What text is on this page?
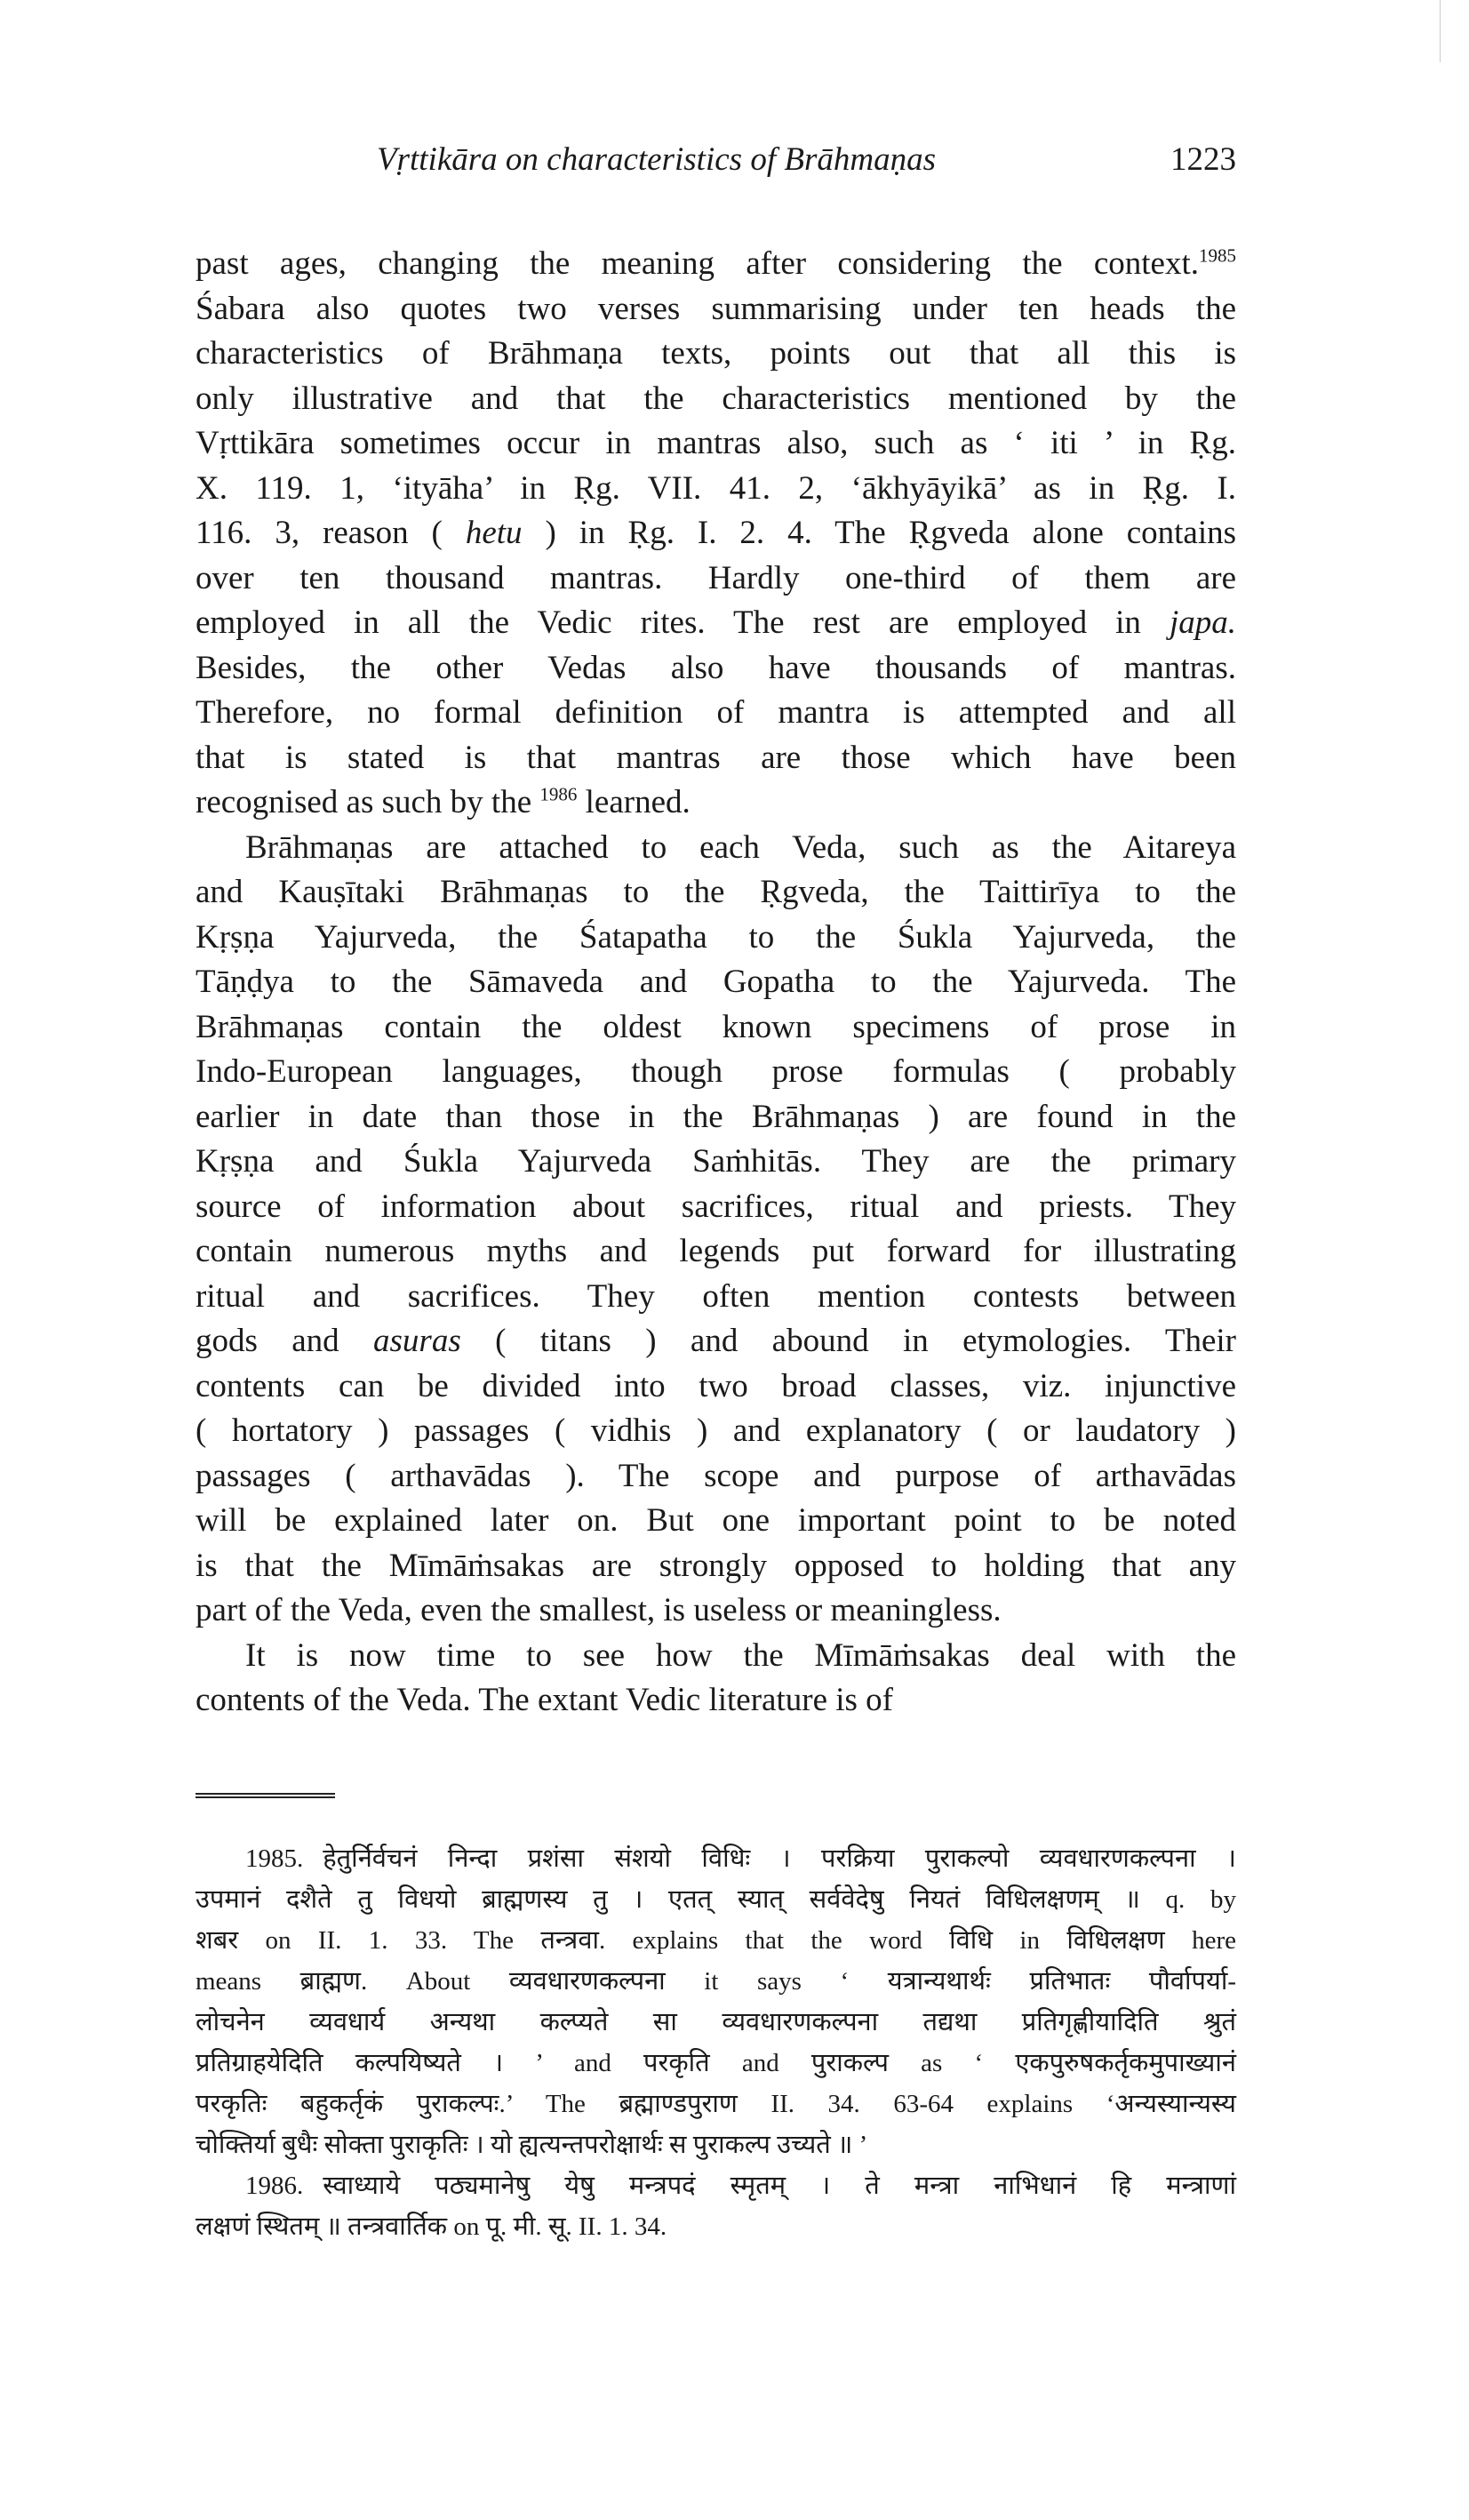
Vṛttikāra on characteristics of Brāhmaṇas	1223
past ages, changing the meaning after considering the context.$^{1985}$
Śabara also quotes two verses summarising under ten heads the
characteristics of Brāhmaṇa texts, points out that all this is
only illustrative and that the characteristics mentioned by the
Vṛttikāra sometimes occur in mantras also, such as ‘ iti ’ in Ṛg.
X. 119. 1, ‘ityāha’ in Ṛg. VII. 41. 2, ‘ākhyāyikā’ as in Ṛg. I.
116. 3, reason ( hetu ) in Ṛg. I. 2. 4. The Ṛgveda alone contains
over ten thousand mantras. Hardly one-third of them are
employed in all the Vedic rites. The rest are employed in japa.
Besides, the other Vedas also have thousands of mantras.
Therefore, no formal definition of mantra is attempted and all
that is stated is that mantras are those which have been
recognised as such by the $^{1986}$ learned.
Brāhmaṇas are attached to each Veda, such as the Aitareya
and Kauṣītaki Brāhmaṇas to the Ṛgveda, the Taittirīya to the
Kṛṣṇa Yajurveda, the Śatapatha to the Śukla Yajurveda, the
Tāṇḍya to the Sāmaveda and Gopatha to the Yajurveda. The
Brāhmaṇas contain the oldest known specimens of prose in
Indo-European languages, though prose formulas ( probably
earlier in date than those in the Brāhmaṇas ) are found in the
Kṛṣṇa and Śukla Yajurveda Saṁhitās. They are the primary
source of information about sacrifices, ritual and priests. They
contain numerous myths and legends put forward for illustrating
ritual and sacrifices. They often mention contests between
gods and asuras ( titans ) and abound in etymologies. Their
contents can be divided into two broad classes, viz. injunctive
( hortatory ) passages ( vidhis ) and explanatory ( or laudatory )
passages ( arthavādas ). The scope and purpose of arthavādas
will be explained later on. But one important point to be noted
is that the Mīmāṁsakas are strongly opposed to holding that any
part of the Veda, even the smallest, is useless or meaningless.
It is now time to see how the Mīmāṁsakas deal with the
contents of the Veda. The extant Vedic literature is of
1985. हेतुर्निर्वचनं निन्दा प्रशंसा संशयो विधिः । परक्रिया पुराकल्पो व्यवधारणकल्पना ।
उपमानं दशैते तु विधयो ब्राह्मणस्य तु । एतत् स्यात् सर्ववेदेषु नियतं विधिलक्षणम् ॥ q. by
शबर on II. 1. 33. The तन्त्रवा. explains that the word विधि in विधिलक्षण here
means ब्राह्मण. About व्यवधारणकल्पना it says ‘ यत्रान्यथार्थः प्रतिभातः पौर्वापर्या-
लोचनेन व्यवधार्य अन्यथा कल्प्यते सा व्यवधारणकल्पना तद्यथा प्रतिगृह्णीयादिति श्रुतं
प्रतिग्राहयेदिति कल्पयिष्यते । ’ and परकृति and पुराकल्प as ‘ एकपुरुषकर्तृकमुपाख्यानं
परकृतिः बहुकर्तृकं पुराकल्पः.’ The ब्रह्माण्डपुराण II. 34. 63-64 explains ‘अन्यस्यान्यस्य
चोक्तिर्या बुधैः सोक्ता पुराकृतिः । यो ह्यत्यन्तपरोक्षार्थः स पुराकल्प उच्यते ॥ ’
1986. स्वाध्याये पठ्यमानेषु येषु मन्त्रपदं स्मृतम् । ते मन्त्रा नाभिधानं हि मन्त्राणां
लक्षणं स्थितम् ॥ तन्त्रवार्तिक on पू. मी. सू. II. 1. 34.
